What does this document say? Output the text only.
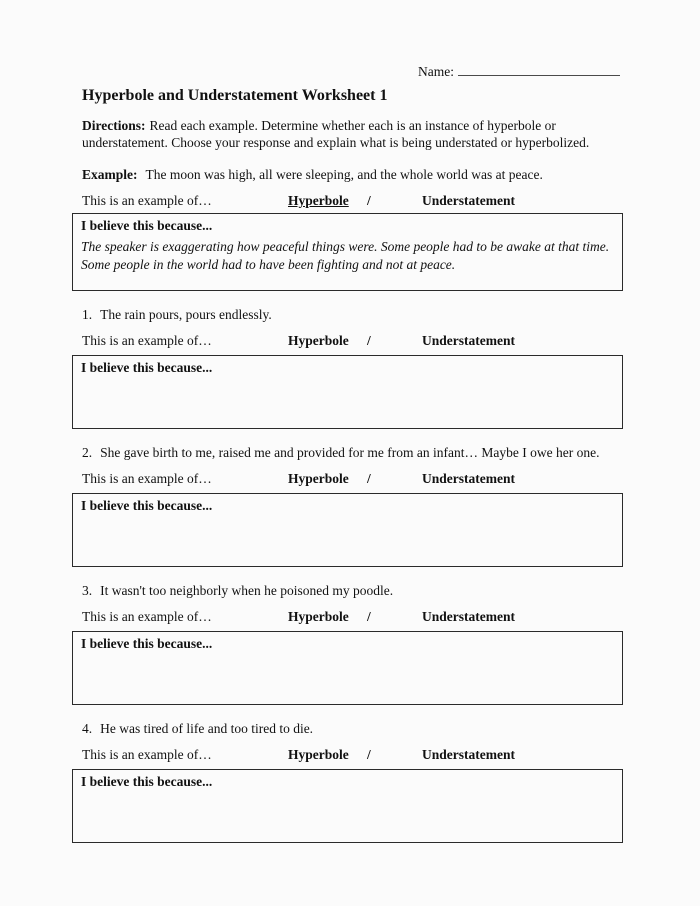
Name:
Hyperbole and Understatement Worksheet 1
Directions: Read each example. Determine whether each is an instance of hyperbole or understatement. Choose your response and explain what is being understated or hyperbolized.
Example: The moon was high, all were sleeping, and the whole world was at peace.
This is an example of…	Hyperbole /	Understatement
I believe this because...
The speaker is exaggerating how peaceful things were. Some people had to be awake at that time. Some people in the world had to have been fighting and not at peace.
1. The rain pours, pours endlessly.
This is an example of…	Hyperbole /	Understatement
I believe this because...
2. She gave birth to me, raised me and provided for me from an infant… Maybe I owe her one.
This is an example of…	Hyperbole /	Understatement
I believe this because...
3. It wasn't too neighborly when he poisoned my poodle.
This is an example of…	Hyperbole /	Understatement
I believe this because...
4. He was tired of life and too tired to die.
This is an example of…	Hyperbole /	Understatement
I believe this because...
